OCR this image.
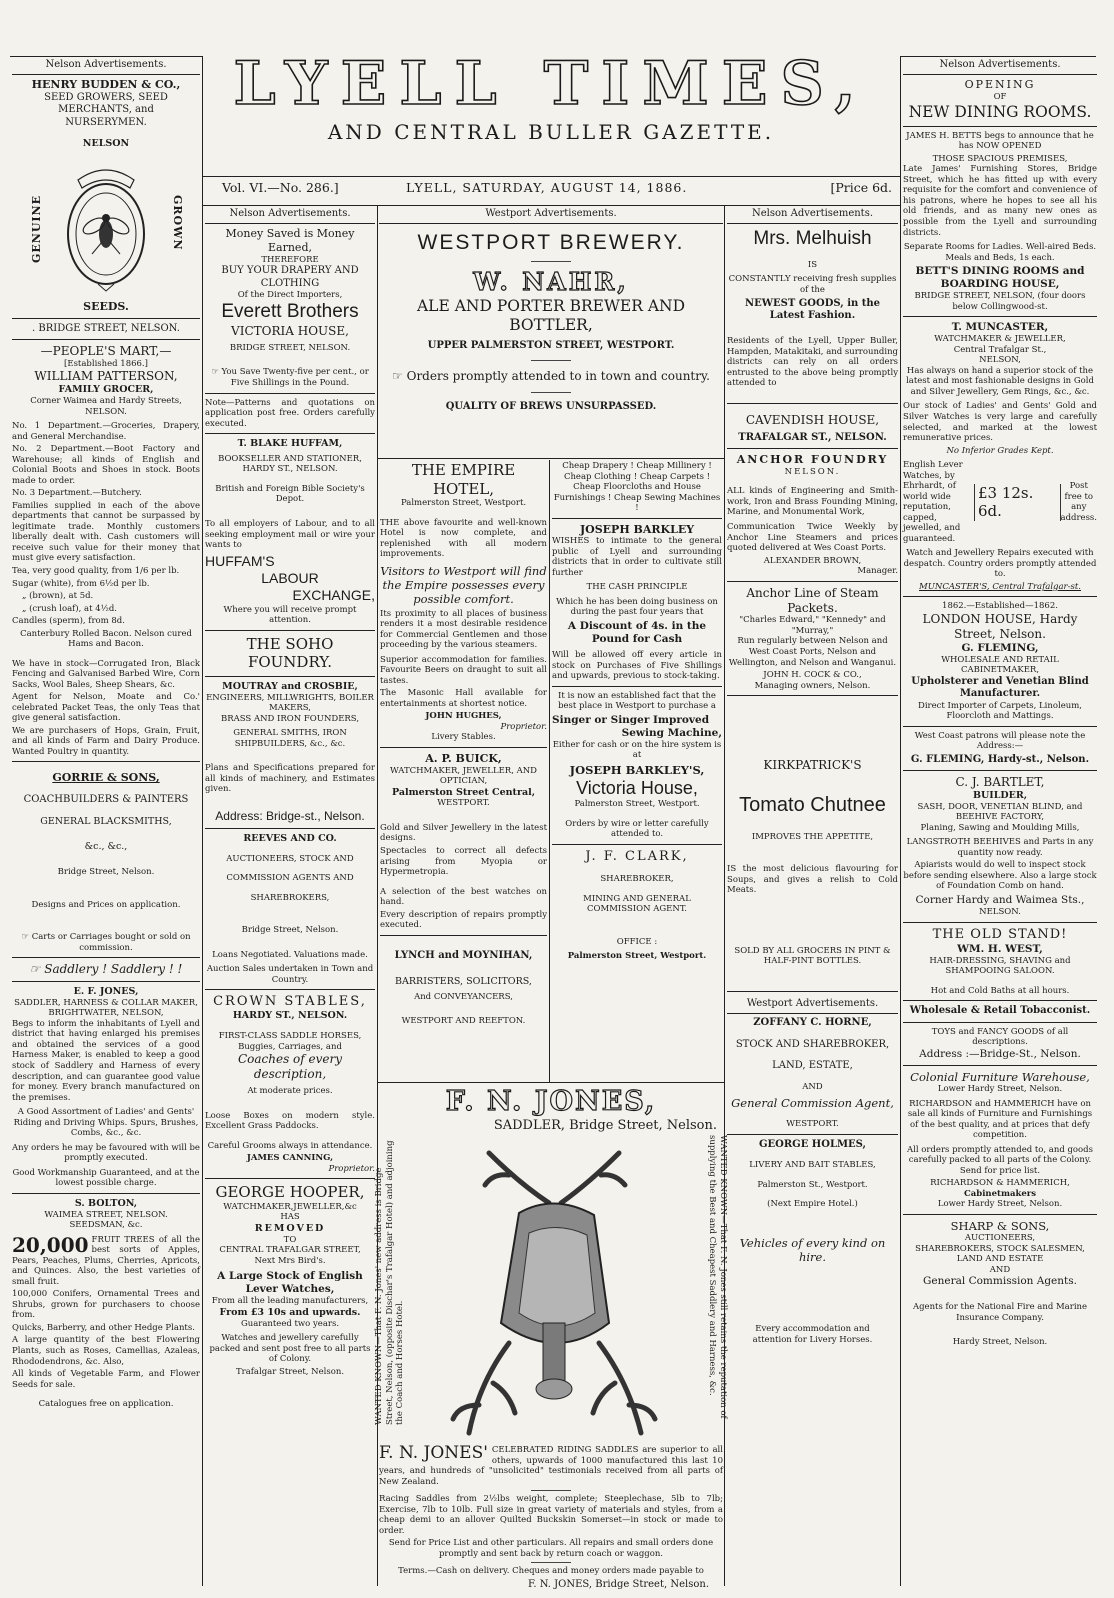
LYELL TIMES,
AND CENTRAL BULLER GAZETTE.
Vol. VI.—No. 286.]	LYELL, SATURDAY, AUGUST 14, 1886.	[Price 6d.
Nelson Advertisements.
HENRY BUDDEN & CO.,
SEED GROWERS, SEED MERCHANTS, and
NURSERYMEN.
NELSON
GENUINE	GROWN
SEEDS.
. BRIDGE STREET, NELSON.
—PEOPLE'S MART,—
[Established 1866.]
WILLIAM PATTERSON,
FAMILY GROCER,
Corner Waimea and Hardy Streets,
NELSON.

No. 1 Department.—Groceries, Drapery, and General Merchandise.

No. 2 Department.—Boot Factory and Warehouse; all kinds of English and Colonial Boots and Shoes in stock. Boots made to order.

No. 3 Department.—Butchery.

Families supplied in each of the above departments that cannot be surpassed by legitimate trade. Monthly customers liberally dealt with. Cash customers will receive such value for their money that must give every satisfaction.

Tea, very good quality, from 1/6 per lb.

Sugar (white), from 6½d per lb.

„ (brown), at 5d.

„ (crush loaf), at 4½d.

Candles (sperm), from 8d.

Canterbury Rolled Bacon. Nelson cured Hams and Bacon.

We have in stock—Corrugated Iron, Black Fencing and Galvanised Barbed Wire, Corn Sacks, Wool Bales, Sheep Shears, &c.

Agent for Nelson, Moate and Co.' celebrated Packet Teas, the only Teas that give general satisfaction.

We are purchasers of Hops, Grain, Fruit, and all kinds of Farm and Dairy Produce. Wanted Poultry in quantity.

GORRIE & SONS,
COACHBUILDERS & PAINTERS
GENERAL BLACKSMITHS,
&c., &c.,
Bridge Street, Nelson.
Designs and Prices on application.
☞ Carts or Carriages bought or sold on commission.
☞ Saddlery ! Saddlery ! !
E. F. JONES,
SADDLER, HARNESS & COLLAR MAKER,
BRIGHTWATER, NELSON,

Begs to inform the inhabitants of Lyell and district that having enlarged his premises and obtained the services of a good Harness Maker, is enabled to keep a good stock of Saddlery and Harness of every description, and can guarantee good value for money. Every branch manufactured on the premises.

A Good Assortment of Ladies' and Gents' Riding and Driving Whips. Spurs, Brushes, Combs, &c., &c.

Any orders he may be favoured with will be promptly executed.

Good Workmanship Guaranteed, and at the lowest possible charge.

S. BOLTON,
WAIMEA STREET, NELSON.
SEEDSMAN, &c.

20,000 FRUIT TREES of all the best sorts of Apples, Pears, Peaches, Plums, Cherries, Apricots, and Quinces. Also, the best varieties of small fruit.

100,000 Conifers, Ornamental Trees and Shrubs, grown for purchasers to choose from.

Quicks, Barberry, and other Hedge Plants.

A large quantity of the best Flowering Plants, such as Roses, Camellias, Azaleas, Rhododendrons, &c. Also,

All kinds of Vegetable Farm, and Flower Seeds for sale.

Catalogues free on application.

Nelson Advertisements.
Money Saved is Money Earned,
THEREFORE
BUY YOUR DRAPERY AND CLOTHING
Of the Direct Importers,
Everett Brothers
VICTORIA HOUSE,
BRIDGE STREET, NELSON.

☞ You Save Twenty-five per cent., or Five Shillings in the Pound.

Note—Patterns and quotations on application post free. Orders carefully executed.

T. BLAKE HUFFAM,
BOOKSELLER AND STATIONER,
HARDY ST., NELSON.
British and Foreign Bible Society's Depot.

To all employers of Labour, and to all seeking employment mail or wire your wants to

HUFFAM'S
LABOUR
EXCHANGE,
Where you will receive prompt attention.
THE SOHO FOUNDRY.
MOUTRAY and CROSBIE,
ENGINEERS, MILLWRIGHTS, BOILER MAKERS,
BRASS AND IRON FOUNDERS,
GENERAL SMITHS, IRON SHIPBUILDERS, &c., &c.

Plans and Specifications prepared for all kinds of machinery, and Estimates given.

Address: Bridge-st., Nelson.
REEVES AND CO.
AUCTIONEERS, STOCK AND
COMMISSION AGENTS AND
SHAREBROKERS,
Bridge Street, Nelson.
Loans Negotiated. Valuations made.
Auction Sales undertaken in Town and Country.
CROWN STABLES,
HARDY ST., NELSON.
FIRST-CLASS SADDLE HORSES, Buggies, Carriages, and
Coaches of every description,
At moderate prices.

Loose Boxes on modern style. Excellent Grass Paddocks.

Careful Grooms always in attendance.

JAMES CANNING,
Proprietor.
GEORGE HOOPER,
WATCHMAKER,JEWELLER,&c
HAS
REMOVED
TO
CENTRAL TRAFALGAR STREET,
Next Mrs Bird's.
A Large Stock of English Lever Watches,
From all the leading manufacturers,
From £3 10s and upwards.
Guaranteed two years.

Watches and jewellery carefully packed and sent post free to all parts of Colony.

Trafalgar Street, Nelson.
Westport Advertisements.
WESTPORT BREWERY.
W. NAHR,
ALE AND PORTER BREWER AND BOTTLER,
UPPER PALMERSTON STREET, WESTPORT.
☞ Orders promptly attended to in town and country.
QUALITY OF BREWS UNSURPASSED.
THE EMPIRE HOTEL,
Palmerston Street, Westport.

THE above favourite and well-known Hotel is now complete, and replenished with all modern improvements.

Visitors to Westport will find the Empire possesses every possible comfort.

Its proximity to all places of business renders it a most desirable residence for Commercial Gentlemen and those proceeding by the various steamers.

Superior accommodation for families. Favourite Beers on draught to suit all tastes.

The Masonic Hall available for entertainments at shortest notice.

JOHN HUGHES,
Proprietor.
Livery Stables.
A. P. BUICK,
WATCHMAKER, JEWELLER, AND OPTICIAN,
Palmerston Street Central,
WESTPORT.

Gold and Silver Jewellery in the latest designs.

Spectacles to correct all defects arising from Myopia or Hypermetropia.

A selection of the best watches on hand.

Every description of repairs promptly executed.

LYNCH and MOYNIHAN,
BARRISTERS, SOLICITORS,
And CONVEYANCERS,
WESTPORT AND REEFTON.

Cheap Drapery ! Cheap Millinery ! Cheap Clothing ! Cheap Carpets ! Cheap Floorcloths and House Furnishings ! Cheap Sewing Machines !

JOSEPH BARKLEY

WISHES to intimate to the general public of Lyell and surrounding districts that in order to cultivate still further

THE CASH PRINCIPLE

Which he has been doing business on during the past four years that

A Discount of 4s. in the Pound for Cash

Will be allowed off every article in stock on Purchases of Five Shillings and upwards, previous to stock-taking.

It is now an established fact that the best place in Westport to purchase a

Singer or Singer Improved
Sewing Machine,

Either for cash or on the hire system is at

JOSEPH BARKLEY'S,
Victoria House,
Palmerston Street, Westport.

Orders by wire or letter carefully attended to.

J. F. CLARK,
SHAREBROKER,
MINING AND GENERAL COMMISSION AGENT.
OFFICE :
Palmerston Street, Westport.
F. N. JONES,
SADDLER, Bridge Street, Nelson.
WANTED KNOWN—That F. N. Jones' new address is Bridge Street, Nelson, (opposite Dischar's Trafalgar Hotel) and adjoining the Coach and Horses Hotel.	WANTED KNOWN—That F. N. Jones still retains the reputation of supplying the Best and Cheapest Saddlery and Harness, &c.

F. N. JONES' CELEBRATED RIDING SADDLES are superior to all others, upwards of 1000 manufactured this last 10 years, and hundreds of "unsolicited" testimonials received from all parts of New Zealand.

Racing Saddles from 2½lbs weight, complete; Steeplechase, 5lb to 7lb; Exercise, 7lb to 10lb. Full size in great variety of materials and styles, from a cheap demi to an allover Quilted Buckskin Somerset—in stock or made to order.

Send for Price List and other particulars. All repairs and small orders done promptly and sent back by return coach or waggon.

Terms.—Cash on delivery. Cheques and money orders made payable to

F. N. JONES, Bridge Street, Nelson.
Nelson Advertisements.
Mrs. Melhuish
IS

CONSTANTLY receiving fresh supplies of the

NEWEST GOODS, in the Latest Fashion.

Residents of the Lyell, Upper Buller, Hampden, Matakitaki, and surrounding districts can rely on all orders entrusted to the above being promptly attended to

CAVENDISH HOUSE,
TRAFALGAR ST., NELSON.
ANCHOR FOUNDRY
NELSON.

ALL kinds of Engineering and Smith-work, Iron and Brass Founding Mining, Marine, and Monumental Work,

Communication Twice Weekly by Anchor Line Steamers and prices quoted delivered at Wes Coast Ports.

ALEXANDER BROWN,
Manager.
Anchor Line of Steam Packets.
"Charles Edward," "Kennedy" and "Murray,"

Run regularly between Nelson and West Coast Ports, Nelson and Wellington, and Nelson and Wanganui.

JOHN H. COCK & CO.,
Managing owners, Nelson.
KIRKPATRICK'S
Tomato Chutnee
IMPROVES THE APPETITE,

IS the most delicious flavouring for Soups, and gives a relish to Cold Meats.

SOLD BY ALL GROCERS IN PINT & HALF-PINT BOTTLES.

Westport Advertisements.
ZOFFANY C. HORNE,
STOCK AND SHAREBROKER,
LAND, ESTATE,
AND
General Commission Agent,
WESTPORT.
GEORGE HOLMES,
LIVERY AND BAIT STABLES,
Palmerston St., Westport.
(Next Empire Hotel.)
Vehicles of every kind on hire.

Every accommodation and attention for Livery Horses.

Nelson Advertisements.
OPENING
OF
NEW DINING ROOMS.

JAMES H. BETTS begs to announce that he has NOW OPENED

THOSE SPACIOUS PREMISES,

Late James' Furnishing Stores, Bridge Street, which he has fitted up with every requisite for the comfort and convenience of his patrons, where he hopes to see all his old friends, and as many new ones as possible from the Lyell and surrounding districts.

Separate Rooms for Ladies. Well-aired Beds. Meals and Beds, 1s each.

BETT'S DINING ROOMS and BOARDING HOUSE,
BRIDGE STREET, NELSON, (four doors below Collingwood-st.
T. MUNCASTER,
WATCHMAKER & JEWELLER,
Central Trafalgar St.,
NELSON,

Has always on hand a superior stock of the latest and most fashionable designs in Gold and Silver Jewellery, Gem Rings, &c., &c.

Our stock of Ladies' and Gents' Gold and Silver Watches is very large and carefully selected, and marked at the lowest remunerative prices.

No Inferior Grades Kept.
English Lever Watches, by Ehrhardt, of world wide reputation, capped, jewelled, and guaranteed.
£3 12s. 6d.
Post free to any address.

Watch and Jewellery Repairs executed with despatch. Country orders promptly attended to.

MUNCASTER'S, Central Trafalgar-st.
1862.—Established—1862.
LONDON HOUSE, Hardy Street, Nelson.
G. FLEMING,
WHOLESALE AND RETAIL CABINETMAKER,
Upholsterer and Venetian Blind Manufacturer.

Direct Importer of Carpets, Linoleum, Floorcloth and Mattings.

West Coast patrons will please note the Address:—

G. FLEMING, Hardy-st., Nelson.
C. J. BARTLET,
BUILDER,
SASH, DOOR, VENETIAN BLIND, and BEEHIVE FACTORY,
Planing, Sawing and Moulding Mills,

LANGSTROTH BEEHIVES and Parts in any quantity now ready.

Apiarists would do well to inspect stock before sending elsewhere. Also a large stock of Foundation Comb on hand.

Corner Hardy and Waimea Sts.,
NELSON.
THE OLD STAND!
WM. H. WEST,
HAIR-DRESSING, SHAVING and SHAMPOOING SALOON.
Hot and Cold Baths at all hours.
Wholesale & Retail Tobacconist.
TOYS and FANCY GOODS of all descriptions.
Address :—Bridge-St., Nelson.
Colonial Furniture Warehouse,
Lower Hardy Street, Nelson.

RICHARDSON and HAMMERICH have on sale all kinds of Furniture and Furnishings of the best quality, and at prices that defy competition.

All orders promptly attended to, and goods carefully packed to all parts of the Colony. Send for price list.

RICHARDSON & HAMMERICH,
Cabinetmakers
Lower Hardy Street, Nelson.
SHARP & SONS,
AUCTIONEERS,
SHAREBROKERS, STOCK SALESMEN, LAND AND ESTATE
AND
General Commission Agents.

Agents for the National Fire and Marine Insurance Company.

Hardy Street, Nelson.
